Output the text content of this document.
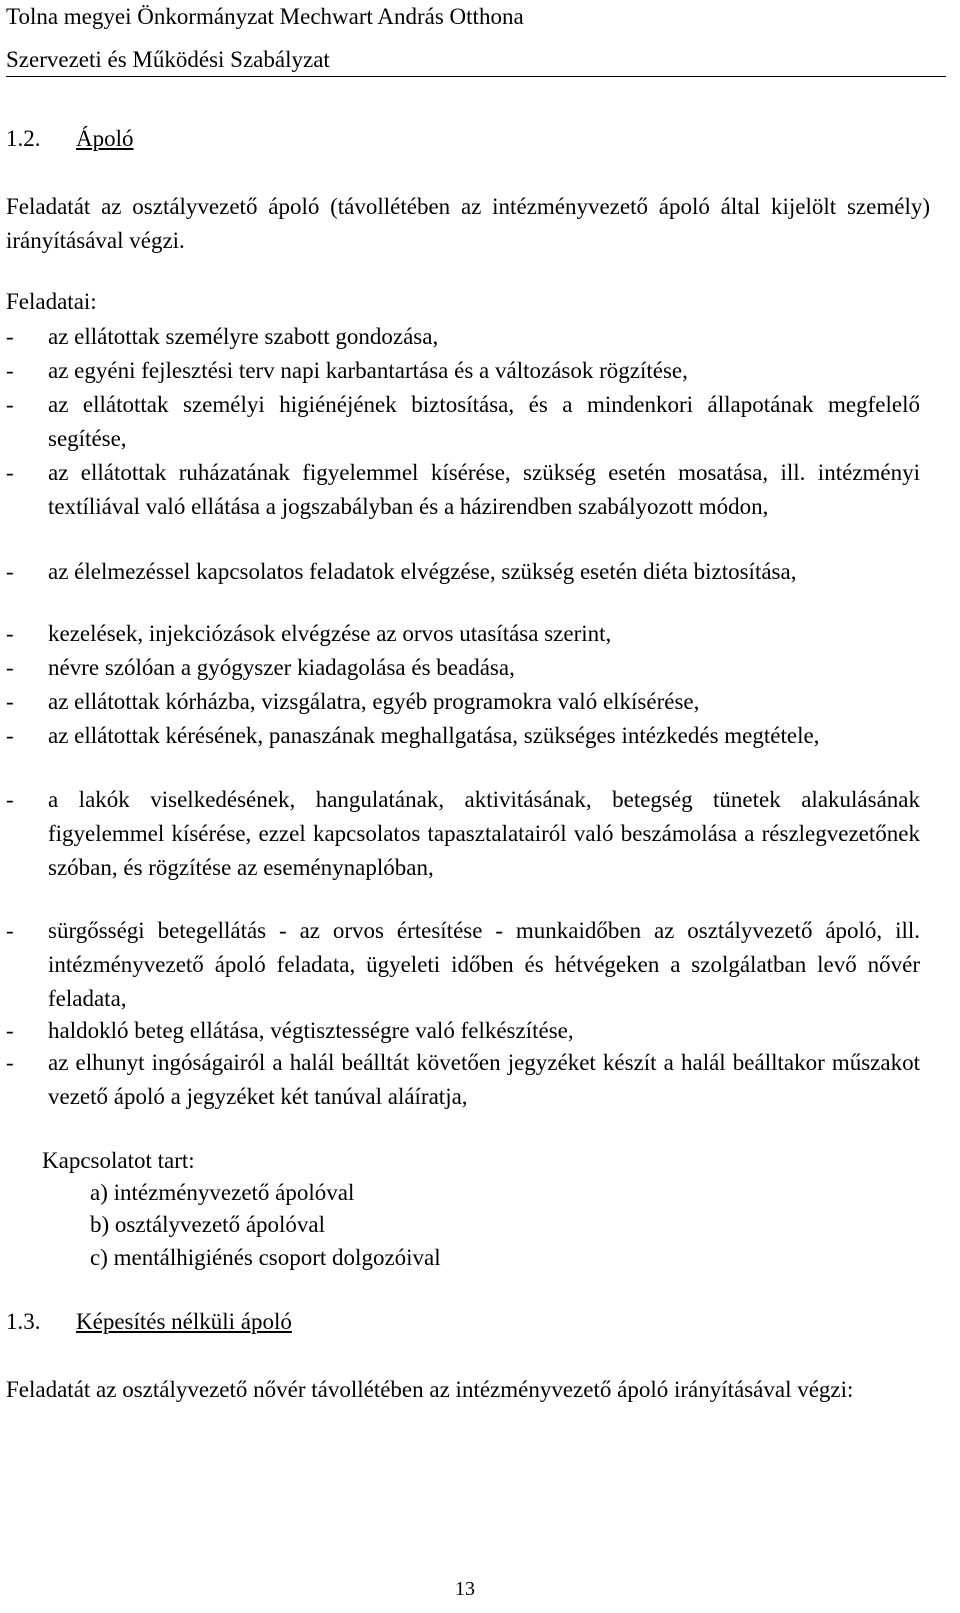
Tolna megyei Önkormányzat Mechwart András Otthona
Szervezeti és Működési Szabályzat
1.2. Ápoló

Feladatát az osztályvezető ápoló (távollétében az intézményvezető ápoló által kijelölt személy) irányításával végzi.

Feladatai:
- az ellátottak személyre szabott gondozása,
- az egyéni fejlesztési terv napi karbantartása és a változások rögzítése,
- az ellátottak személyi higiénéjének biztosítása, és a mindenkori állapotának megfelelő segítése,
- az ellátottak ruházatának figyelemmel kísérése, szükség esetén mosatása, ill. intézményi textíliával való ellátása a jogszabályban és a házirendben szabályozott módon,
- az élelmezéssel kapcsolatos feladatok elvégzése, szükség esetén diéta biztosítása,
- kezelések, injekciózások elvégzése az orvos utasítása szerint,
- névre szólóan a gyógyszer kiadagolása és beadása,
- az ellátottak kórházba, vizsgálatra, egyéb programokra való elkísérése,
- az ellátottak kérésének, panaszának meghallgatása, szükséges intézkedés megtétele,
- a lakók viselkedésének, hangulatának, aktivitásának, betegség tünetek alakulásának figyelemmel kísérése, ezzel kapcsolatos tapasztalatairól való beszámolása a részlegvezetőnek szóban, és rögzítése az eseménynaplóban,
- sürgősségi betegellátás - az orvos értesítése - munkaidőben az osztályvezető ápoló, ill. intézményvezető ápoló feladata, ügyeleti időben és hétvégeken a szolgálatban levő nővér feladata,
- haldokló beteg ellátása, végtisztességre való felkészítése,
- az elhunyt ingóságairól a halál beálltát követően jegyzéket készít a halál beálltakor műszakot vezető ápoló a jegyzéket két tanúval aláíratja,
Kapcsolatot tart:
a) intézményvezető ápolóval
b) osztályvezető ápolóval
c) mentálhigiénés csoport dolgozóival
1.3. Képesítés nélküli ápoló

Feladatát az osztályvezető nővér távollétében az intézményvezető ápoló irányításával végzi:

13
